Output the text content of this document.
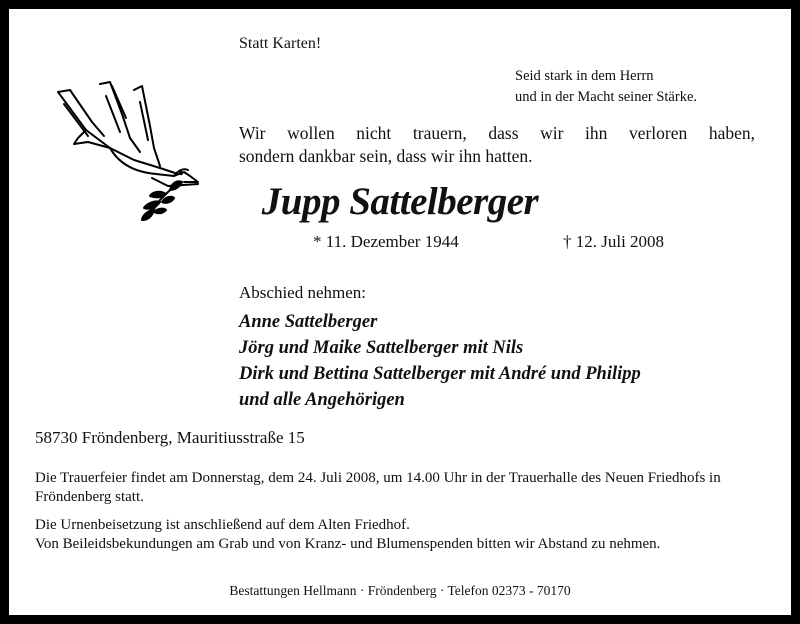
Statt Karten!
Seid stark in dem Herrn
und in der Macht seiner Stärke.
Wir wollen nicht trauern, dass wir ihn verloren haben,
sondern dankbar sein, dass wir ihn hatten.
Jupp Sattelberger
* 11. Dezember 1944	† 12. Juli 2008
Abschied nehmen:
Anne Sattelberger
Jörg und Maike Sattelberger mit Nils
Dirk und Bettina Sattelberger mit André und Philipp
und alle Angehörigen
58730 Fröndenberg, Mauritiusstraße 15
Die Trauerfeier findet am Donnerstag, dem 24. Juli 2008, um 14.00 Uhr in der Trauerhalle des Neuen Friedhofs in Fröndenberg statt.
Die Urnenbeisetzung ist anschließend auf dem Alten Friedhof.
Von Beileidsbekundungen am Grab und von Kranz- und Blumenspenden bitten wir Abstand zu nehmen.
Bestattungen Hellmann · Fröndenberg · Telefon 02373 - 70170
